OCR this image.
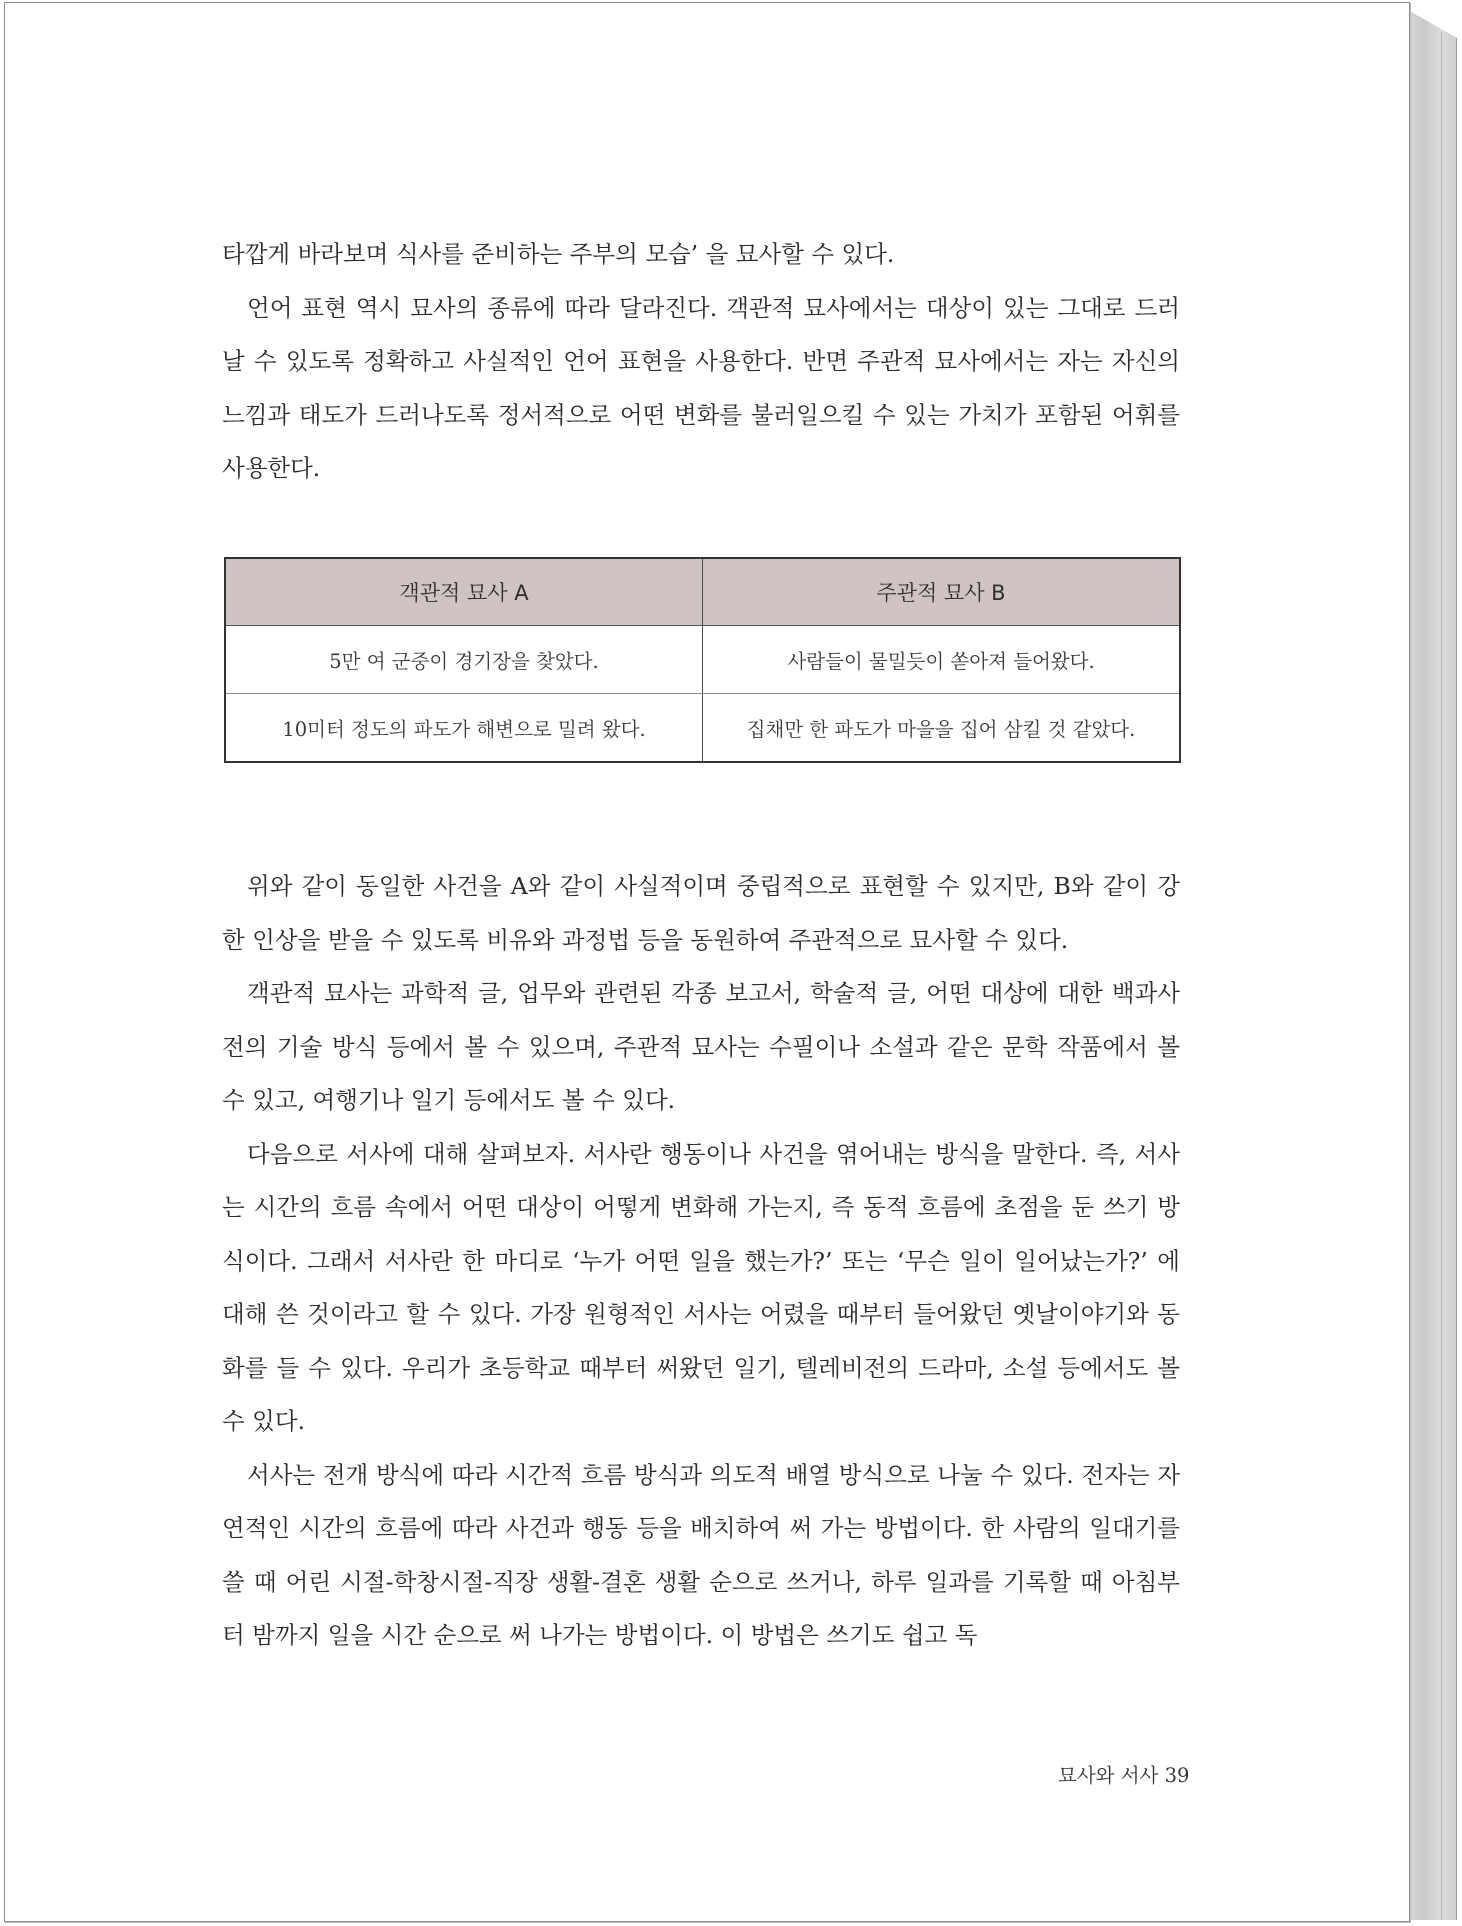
타깝게 바라보며 식사를 준비하는 주부의 모습’ 을 묘사할 수 있다.

언어 표현 역시 묘사의 종류에 따라 달라진다. 객관적 묘사에서는 대상이 있는 그대로 드러날 수 있도록 정확하고 사실적인 언어 표현을 사용한다. 반면 주관적 묘사에서는 자는 자신의 느낌과 태도가 드러나도록 정서적으로 어떤 변화를 불러일으킬 수 있는 가치가 포함된 어휘를 사용한다.

객관적 묘사 A	주관적 묘사 B
5만 여 군중이 경기장을 찾았다.	사람들이 물밀듯이 쏟아져 들어왔다.
10미터 정도의 파도가 해변으로 밀려 왔다.	집채만 한 파도가 마을을 집어 삼킬 것 같았다.

위와 같이 동일한 사건을 A와 같이 사실적이며 중립적으로 표현할 수 있지만, B와 같이 강한 인상을 받을 수 있도록 비유와 과정법 등을 동원하여 주관적으로 묘사할 수 있다.

객관적 묘사는 과학적 글, 업무와 관련된 각종 보고서, 학술적 글, 어떤 대상에 대한 백과사전의 기술 방식 등에서 볼 수 있으며, 주관적 묘사는 수필이나 소설과 같은 문학 작품에서 볼 수 있고, 여행기나 일기 등에서도 볼 수 있다.

다음으로 서사에 대해 살펴보자. 서사란 행동이나 사건을 엮어내는 방식을 말한다. 즉, 서사는 시간의 흐름 속에서 어떤 대상이 어떻게 변화해 가는지, 즉 동적 흐름에 초점을 둔 쓰기 방식이다. 그래서 서사란 한 마디로 ‘누가 어떤 일을 했는가?’ 또는 ‘무슨 일이 일어났는가?’ 에 대해 쓴 것이라고 할 수 있다. 가장 원형적인 서사는 어렸을 때부터 들어왔던 옛날이야기와 동화를 들 수 있다. 우리가 초등학교 때부터 써왔던 일기, 텔레비전의 드라마, 소설 등에서도 볼 수 있다.

서사는 전개 방식에 따라 시간적 흐름 방식과 의도적 배열 방식으로 나눌 수 있다. 전자는 자연적인 시간의 흐름에 따라 사건과 행동 등을 배치하여 써 가는 방법이다. 한 사람의 일대기를 쓸 때 어린 시절-학창시절-직장 생활-결혼 생활 순으로 쓰거나, 하루 일과를 기록할 때 아침부터 밤까지 일을 시간 순으로 써 나가는 방법이다. 이 방법은 쓰기도 쉽고 독

묘사와 서사 39
